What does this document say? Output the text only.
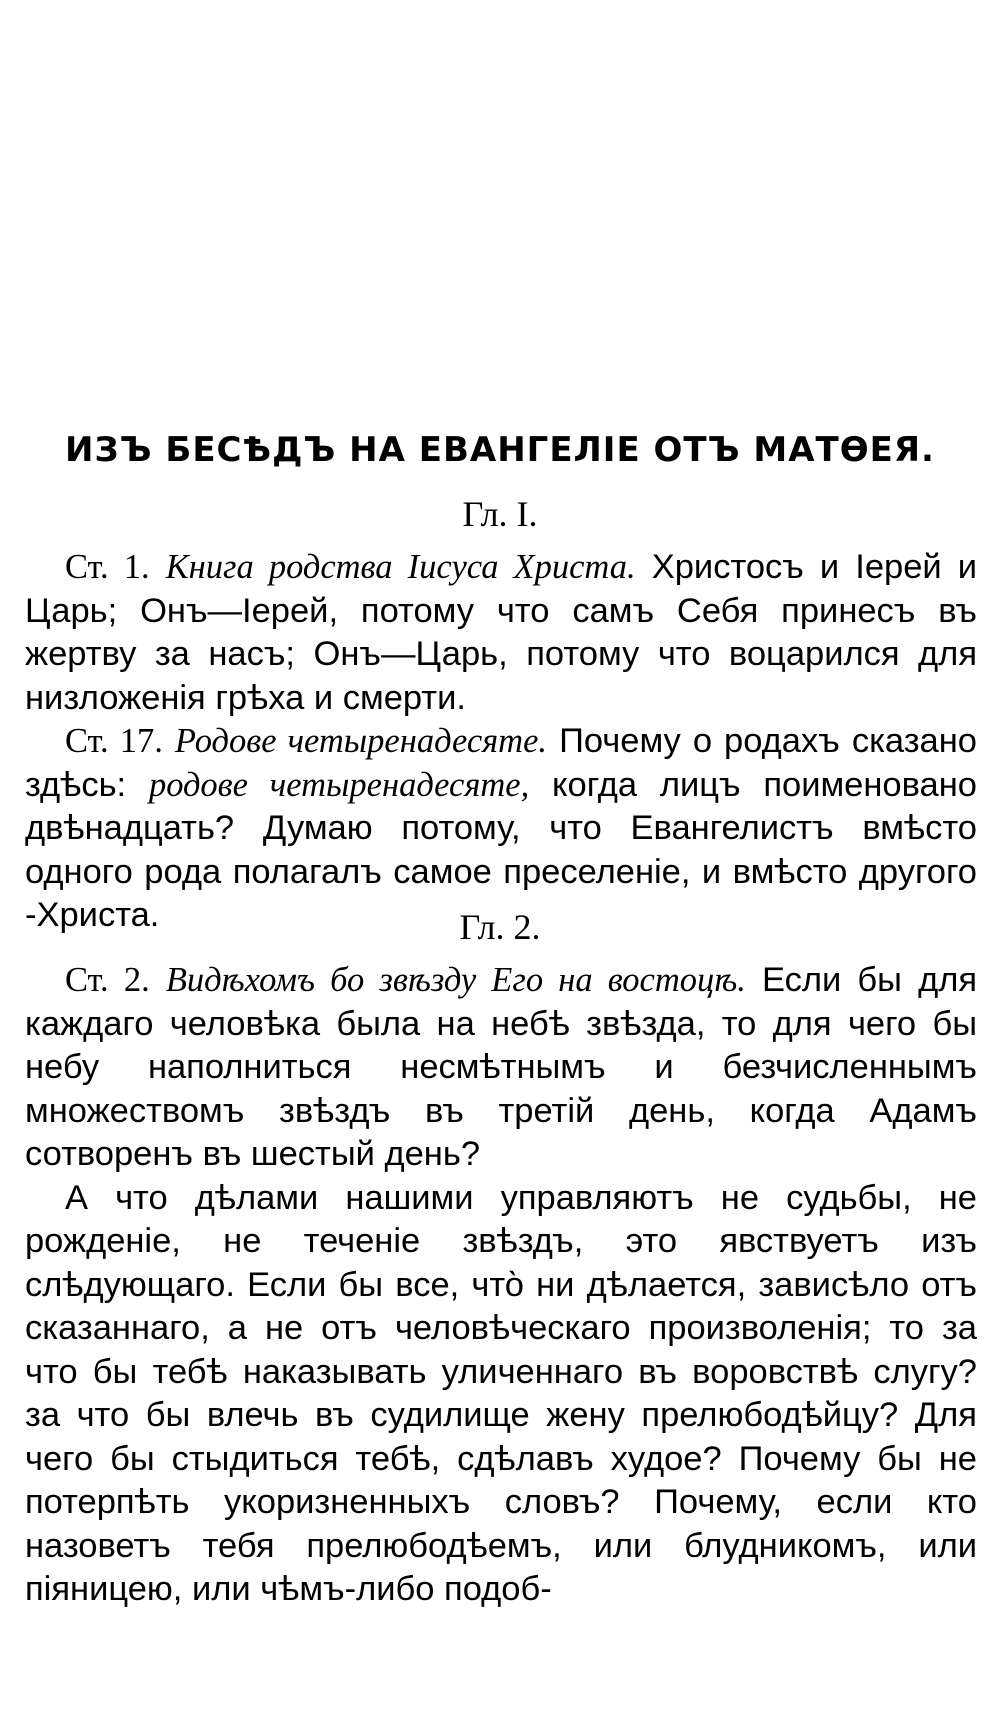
ИЗЪ БЕСѢДЪ НА ЕВАНГЕЛІЕ ОТЪ МАТѲЕЯ.
Гл. I.

Ст. 1. Книга родства Іисуса Христа. Христосъ и Іерей и Царь; Онъ—Іерей, потому что самъ Себя принесъ въ жертву за насъ; Онъ—Царь, потому что воцарился для низложенія грѣха и смерти.

Ст. 17. Родове четыренадесяте. Почему о родахъ сказано здѣсь: родове четыренадесяте, когда лицъ поименовано двѣнадцать? Думаю потому, что Евангелистъ вмѣсто одного рода полагалъ самое преселеніе, и вмѣсто другого -Христа.	Гл. 2.

Ст. 2. Видѣхомъ бо звѣзду Его на востоцѣ. Если бы для каждаго человѣка была на небѣ звѣзда, то для чего бы небу наполниться несмѣтнымъ и безчисленнымъ множествомъ звѣздъ въ третій день, когда Адамъ сотворенъ въ шестый день?

А что дѣлами нашими управляютъ не судьбы, не рожденіе, не теченіе звѣздъ, это явствуетъ изъ слѣдующаго. Если бы все, что̀ ни дѣлается, зависѣло отъ сказаннаго, а не отъ человѣческаго произволенія; то за что бы тебѣ наказывать уличеннаго въ воровствѣ слугу? за что бы влечь въ судилище жену прелюбодѣйцу? Для чего бы стыдиться тебѣ, сдѣлавъ худое? Почему бы не потерпѣть укоризненныхъ словъ? Почему, если кто назоветъ тебя прелюбодѣемъ, или блудникомъ, или піяницею, или чѣмъ-либо подоб-
